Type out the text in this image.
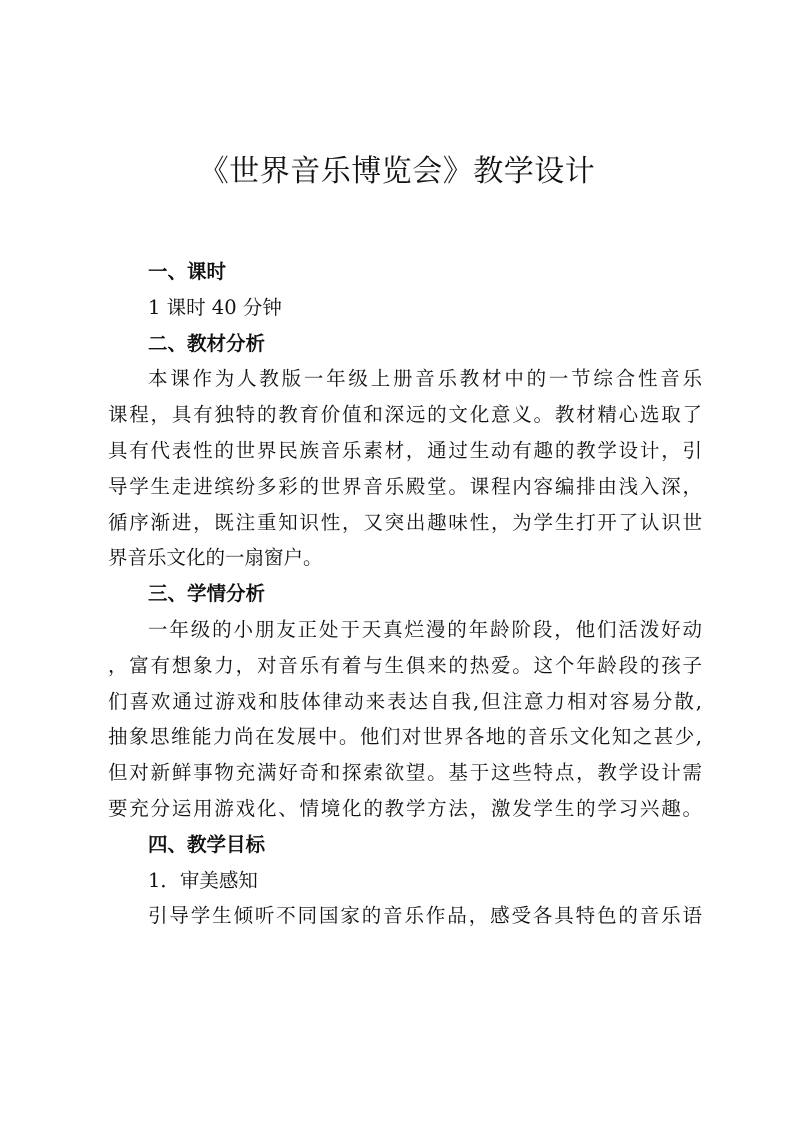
《世界音乐博览会》教学设计
一、课时
1 课时 40 分钟
二、教材分析
本课作为人教版一年级上册音乐教材中的一节综合性音乐
课程，具有独特的教育价值和深远的文化意义。教材精心选取了
具有代表性的世界民族音乐素材，通过生动有趣的教学设计，引
导学生走进缤纷多彩的世界音乐殿堂。课程内容编排由浅入深，
循序渐进，既注重知识性，又突出趣味性，为学生打开了认识世
界音乐文化的一扇窗户。
三、学情分析
一年级的小朋友正处于天真烂漫的年龄阶段，他们活泼好动
，富有想象力，对音乐有着与生俱来的热爱。这个年龄段的孩子
们喜欢通过游戏和肢体律动来表达自我,但注意力相对容易分散,
抽象思维能力尚在发展中。他们对世界各地的音乐文化知之甚少,
但对新鲜事物充满好奇和探索欲望。基于这些特点，教学设计需
要充分运用游戏化、情境化的教学方法，激发学生的学习兴趣。
四、教学目标
1．审美感知
引导学生倾听不同国家的音乐作品，感受各具特色的音乐语
